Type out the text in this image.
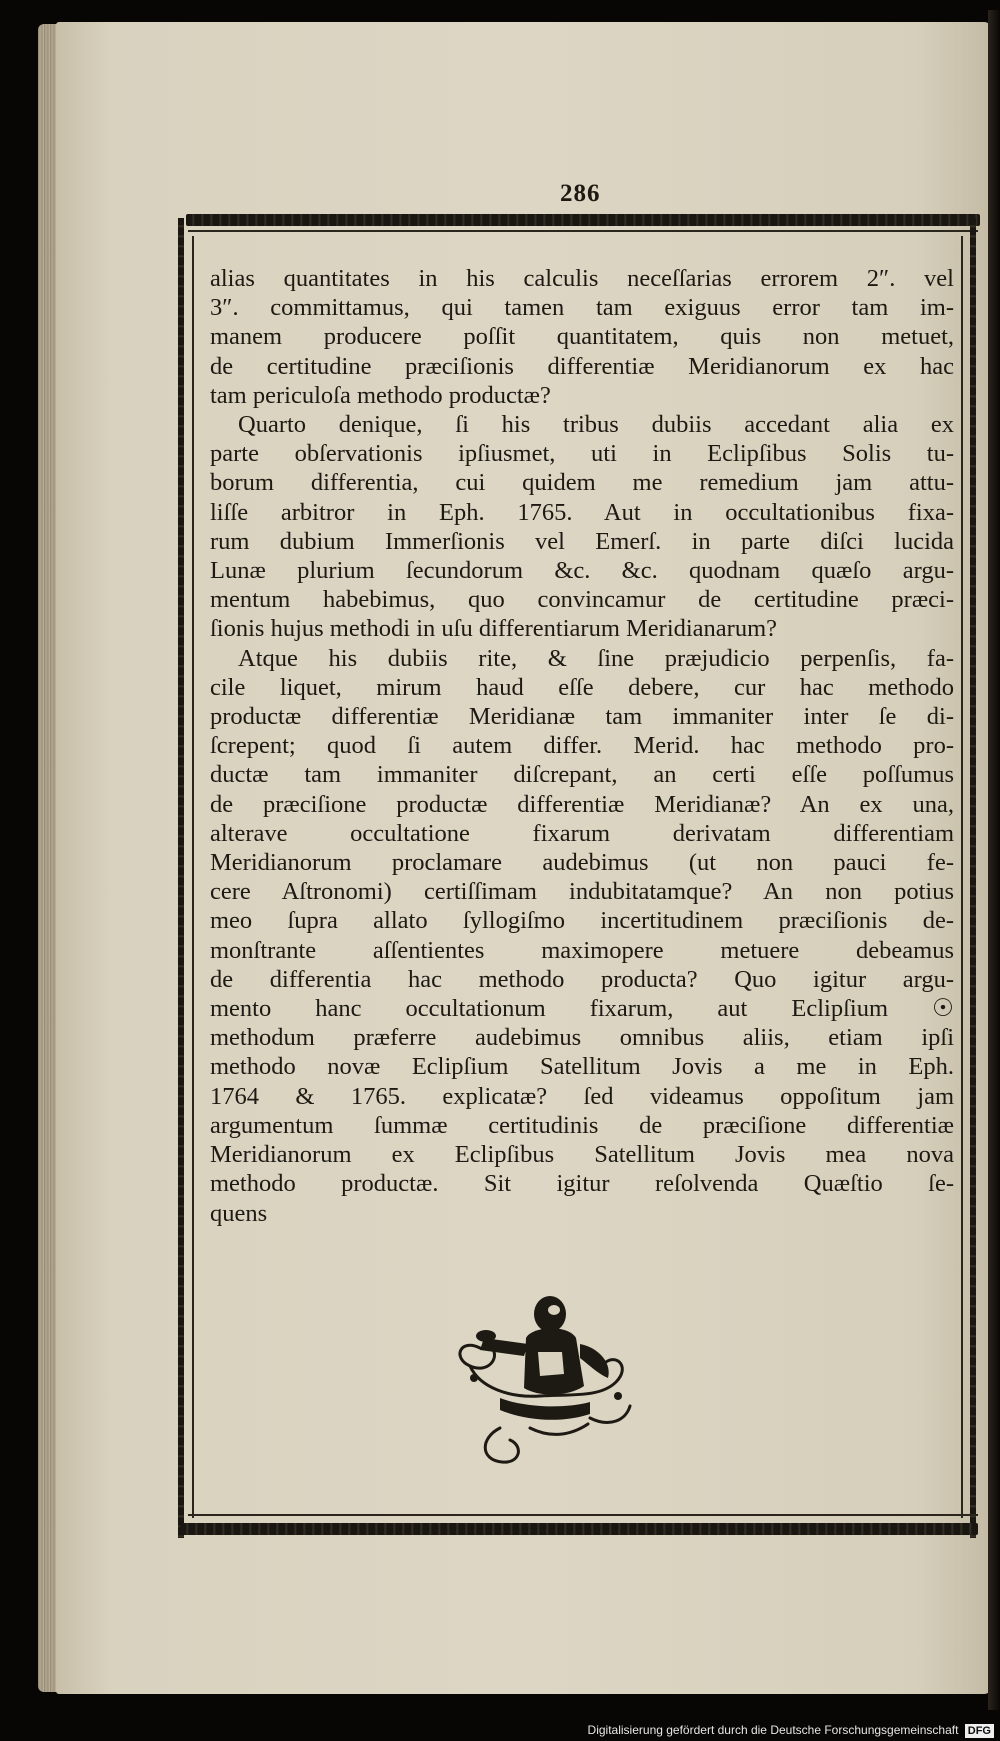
286
alias quantitates in his calculis neceſſarias errorem 2″. vel
3″. committamus, qui tamen tam exiguus error tam im-
manem producere poſſit quantitatem, quis non metuet,
de certitudine præciſionis differentiæ Meridianorum ex hac
tam periculoſa methodo productæ?
Quarto denique, ſi his tribus dubiis accedant alia ex
parte obſervationis ipſiusmet, uti in Eclipſibus Solis tu-
borum differentia, cui quidem me remedium jam attu-
liſſe arbitror in Eph. 1765. Aut in occultationibus fixa-
rum dubium Immerſionis vel Emerſ. in parte diſci lucida
Lunæ plurium ſecundorum &c. &c. quodnam quæſo argu-
mentum habebimus, quo convincamur de certitudine præci-
ſionis hujus methodi in uſu differentiarum Meridianarum?
Atque his dubiis rite, & ſine præjudicio perpenſis, fa-
cile liquet, mirum haud eſſe debere, cur hac methodo
productæ differentiæ Meridianæ tam immaniter inter ſe di-
ſcrepent; quod ſi autem differ. Merid. hac methodo pro-
ductæ tam immaniter diſcrepant, an certi eſſe poſſumus
de præciſione productæ differentiæ Meridianæ? An ex una,
alterave occultatione fixarum derivatam differentiam
Meridianorum proclamare audebimus (ut non pauci fe-
cere Aſtronomi) certiſſimam indubitatamque? An non potius
meo ſupra allato ſyllogiſmo incertitudinem præciſionis de-
monſtrante aſſentientes maximopere metuere debeamus
de differentia hac methodo producta? Quo igitur argu-
mento hanc occultationum fixarum, aut Eclipſium ☉
methodum præferre audebimus omnibus aliis, etiam ipſi
methodo novæ Eclipſium Satellitum Jovis a me in Eph.
1764 & 1765. explicatæ? ſed videamus oppoſitum jam
argumentum ſummæ certitudinis de præciſione differentiæ
Meridianorum ex Eclipſibus Satellitum Jovis mea nova
methodo productæ. Sit igitur reſolvenda Quæſtio ſe-
quens
Digitalisierung gefördert durch die Deutsche Forschungsgemeinschaft DFG
